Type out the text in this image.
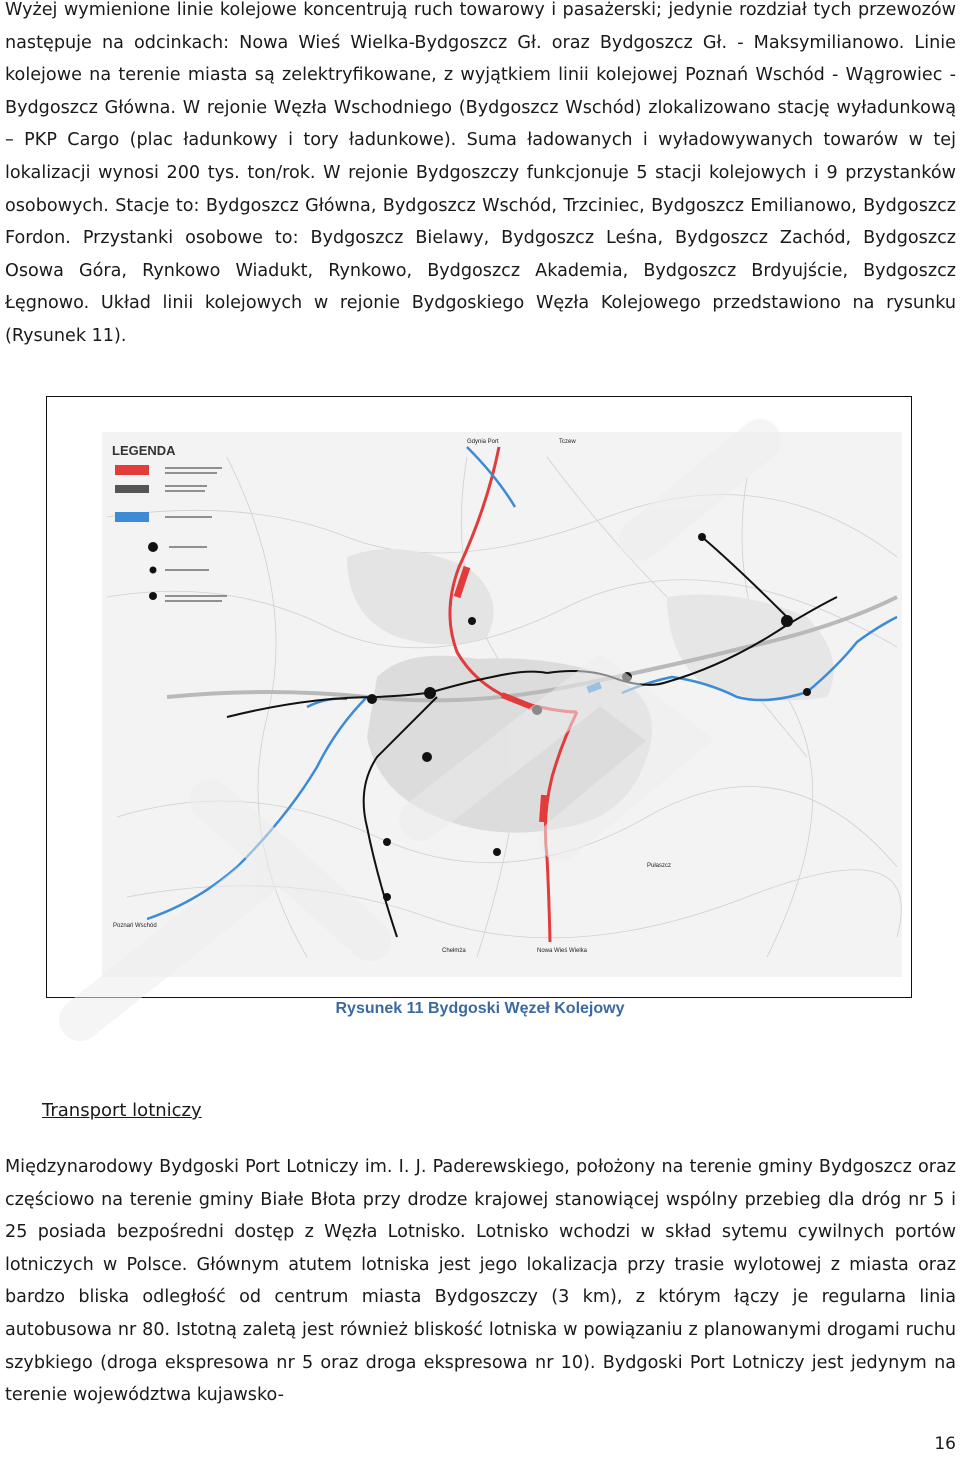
Wyżej wymienione linie kolejowe koncentrują ruch towarowy i pasażerski; jedynie rozdział tych przewozów następuje na odcinkach: Nowa Wieś Wielka-Bydgoszcz Gł. oraz Bydgoszcz Gł. - Maksymilianowo. Linie kolejowe na terenie miasta są zelektryfikowane, z wyjątkiem linii kolejowej Poznań Wschód - Wągrowiec - Bydgoszcz Główna. W rejonie Węzła Wschodniego (Bydgoszcz Wschód) zlokalizowano stację wyładunkową – PKP Cargo (plac ładunkowy i tory ładunkowe). Suma ładowanych i wyładowywanych towarów w tej lokalizacji wynosi 200 tys. ton/rok. W rejonie Bydgoszczy funkcjonuje 5 stacji kolejowych i 9 przystanków osobowych. Stacje to: Bydgoszcz Główna, Bydgoszcz Wschód, Trzciniec, Bydgoszcz Emilianowo, Bydgoszcz Fordon. Przystanki osobowe to: Bydgoszcz Bielawy, Bydgoszcz Leśna, Bydgoszcz Zachód, Bydgoszcz Osowa Góra, Rynkowo Wiadukt, Rynkowo, Bydgoszcz Akademia, Bydgoszcz Brdyujście, Bydgoszcz Łęgnowo. Układ linii kolejowych w rejonie Bydgoskiego Węzła Kolejowego przedstawiono na rysunku (Rysunek 11).

LEGENDA
Gdynia Port	Tczew
Poznań Wschód
Nowa Wieś Wielka
Chełmża
Pułaszcz
Rysunek 11 Bydgoski Węzeł Kolejowy
Transport lotniczy

Międzynarodowy Bydgoski Port Lotniczy im. I. J. Paderewskiego, położony na terenie gminy Bydgoszcz oraz częściowo na terenie gminy Białe Błota przy drodze krajowej stanowiącej wspólny przebieg dla dróg nr 5 i 25 posiada bezpośredni dostęp z Węzła Lotnisko. Lotnisko wchodzi w skład sytemu cywilnych portów lotniczych w Polsce. Głównym atutem lotniska jest jego lokalizacja przy trasie wylotowej z miasta oraz bardzo bliska odległość od centrum miasta Bydgoszczy (3 km), z którym łączy je regularna linia autobusowa nr 80. Istotną zaletą jest również bliskość lotniska w powiązaniu z planowanymi drogami ruchu szybkiego (droga ekspresowa nr 5 oraz droga ekspresowa nr 10). Bydgoski Port Lotniczy jest jedynym na terenie województwa kujawsko-

16
